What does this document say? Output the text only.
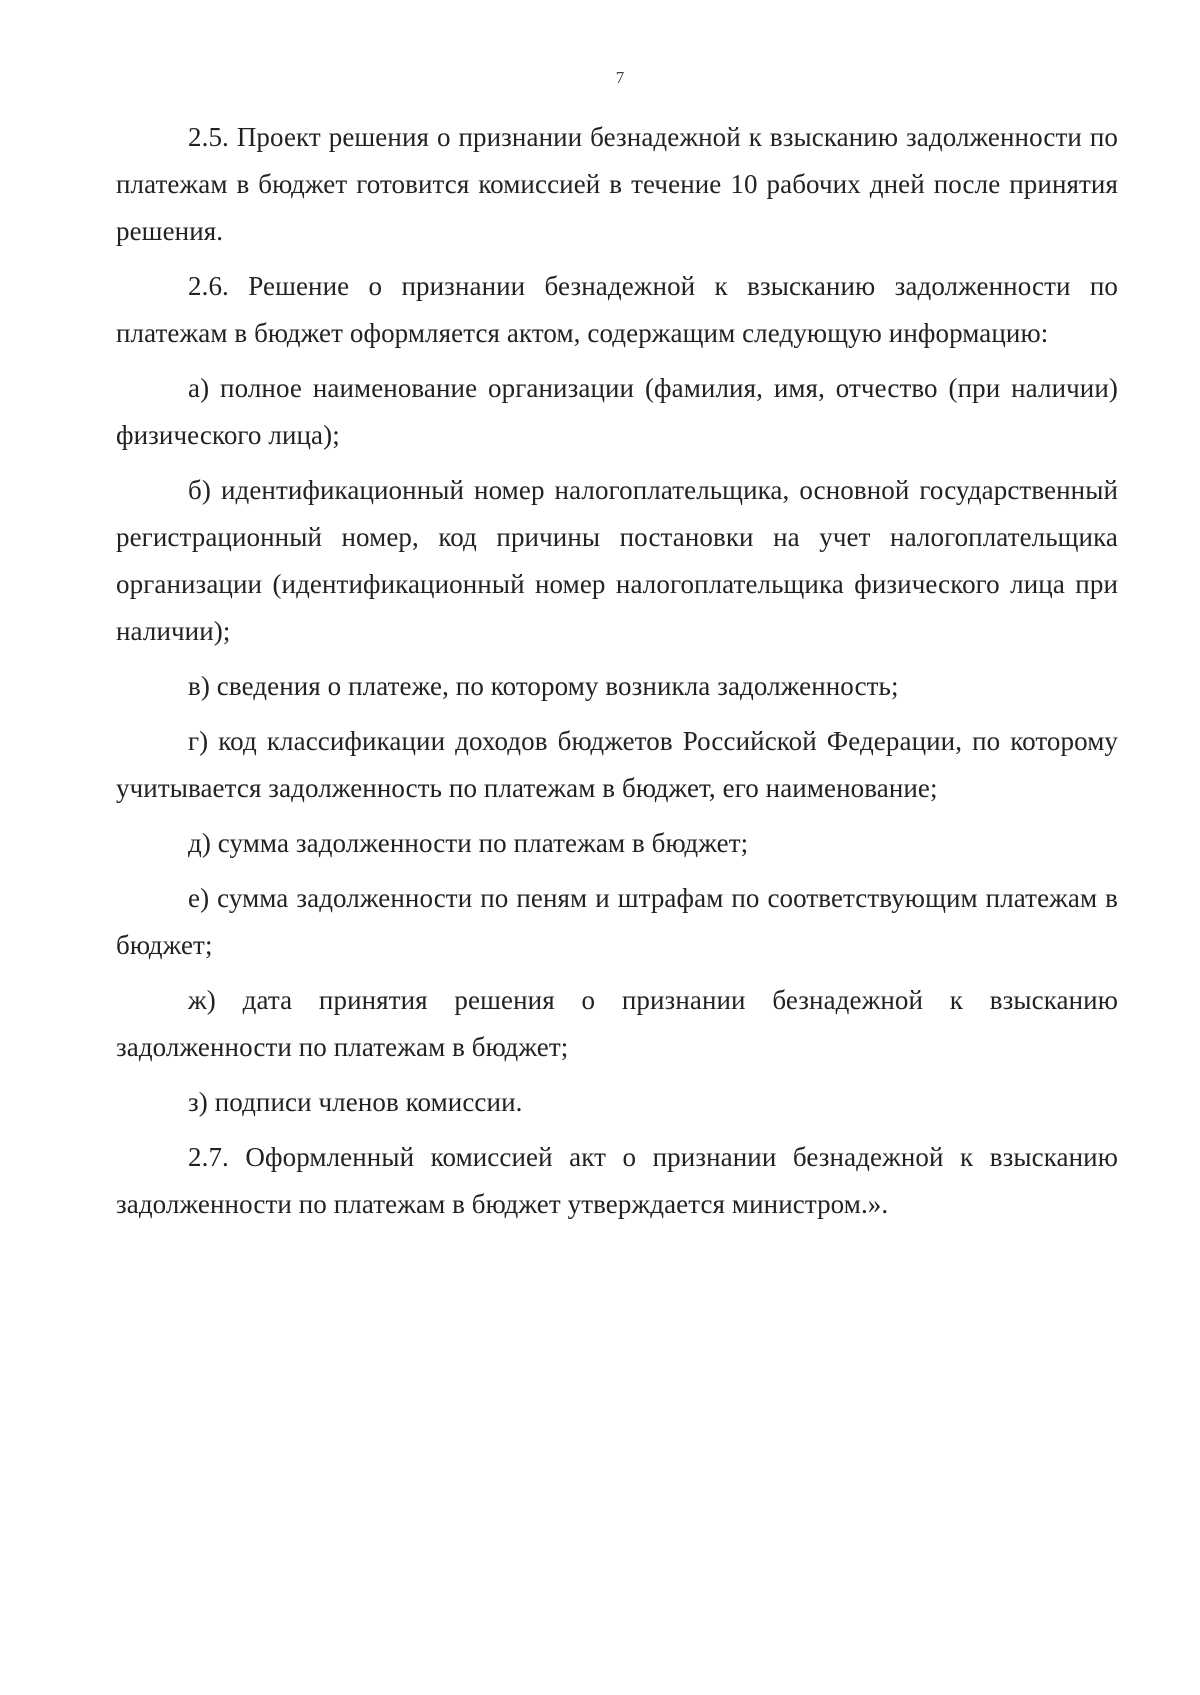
7

2.5. Проект решения о признании безнадежной к взысканию задолженности по платежам в бюджет готовится комиссией в течение 10 рабочих дней после принятия решения.

2.6. Решение о признании безнадежной к взысканию задолженности по платежам в бюджет оформляется актом, содержащим следующую информацию:

а) полное наименование организации (фамилия, имя, отчество (при наличии) физического лица);

б) идентификационный номер налогоплательщика, основной государственный регистрационный номер, код причины постановки на учет налогоплательщика организации (идентификационный номер налогоплательщика физического лица при наличии);

в) сведения о платеже, по которому возникла задолженность;

г) код классификации доходов бюджетов Российской Федерации, по которому учитывается задолженность по платежам в бюджет, его наименование;

д) сумма задолженности по платежам в бюджет;

е) сумма задолженности по пеням и штрафам по соответствующим платежам в бюджет;

ж) дата принятия решения о признании безнадежной к взысканию задолженности по платежам в бюджет;

з) подписи членов комиссии.

2.7. Оформленный комиссией акт о признании безнадежной к взысканию задолженности по платежам в бюджет утверждается министром.».
